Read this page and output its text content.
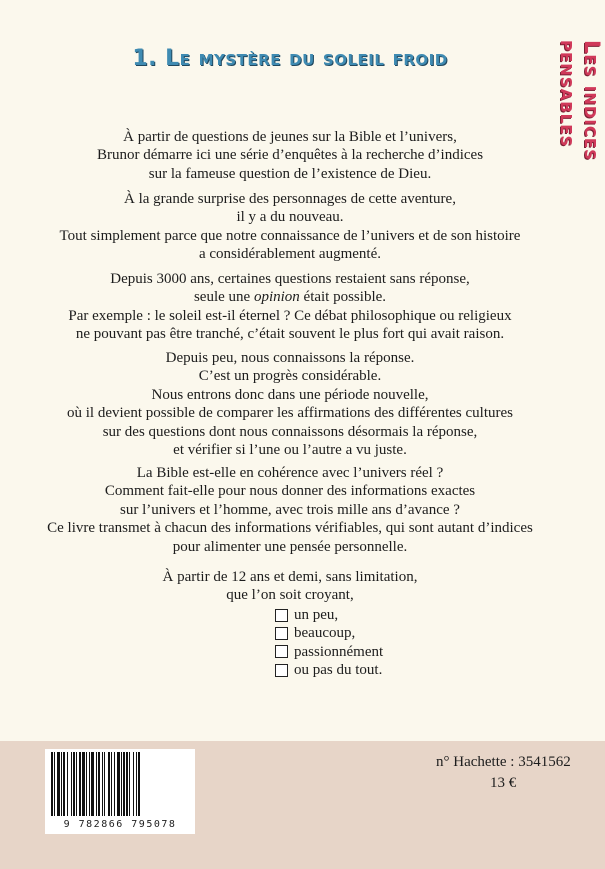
1. Le mystère du soleil froid	Les indices pensables
À partir de questions de jeunes sur la Bible et l’univers,
Brunor démarre ici une série d’enquêtes à la recherche d’indices
sur la fameuse question de l’existence de Dieu.
À la grande surprise des personnages de cette aventure,
il y a du nouveau.
Tout simplement parce que notre connaissance de l’univers et de son histoire
a considérablement augmenté.
Depuis 3000 ans, certaines questions restaient sans réponse,
seule une opinion était possible.
Par exemple : le soleil est-il éternel ? Ce débat philosophique ou religieux
ne pouvant pas être tranché, c’était souvent le plus fort qui avait raison.
Depuis peu, nous connaissons la réponse.
C’est un progrès considérable.
Nous entrons donc dans une période nouvelle,
où il devient possible de comparer les affirmations des différentes cultures
sur des questions dont nous connaissons désormais la réponse,
et vérifier si l’une ou l’autre a vu juste.
La Bible est-elle en cohérence avec l’univers réel ?
Comment fait-elle pour nous donner des informations exactes
sur l’univers et l’homme, avec trois mille ans d’avance ?
Ce livre transmet à chacun des informations vérifiables, qui sont autant d’indices
pour alimenter une pensée personnelle.
À partir de 12 ans et demi, sans limitation,
que l’on soit croyant,
un peu,
beaucoup,
passionnément
ou pas du tout.
9 782866 795078
n° Hachette : 3541562
13 €
